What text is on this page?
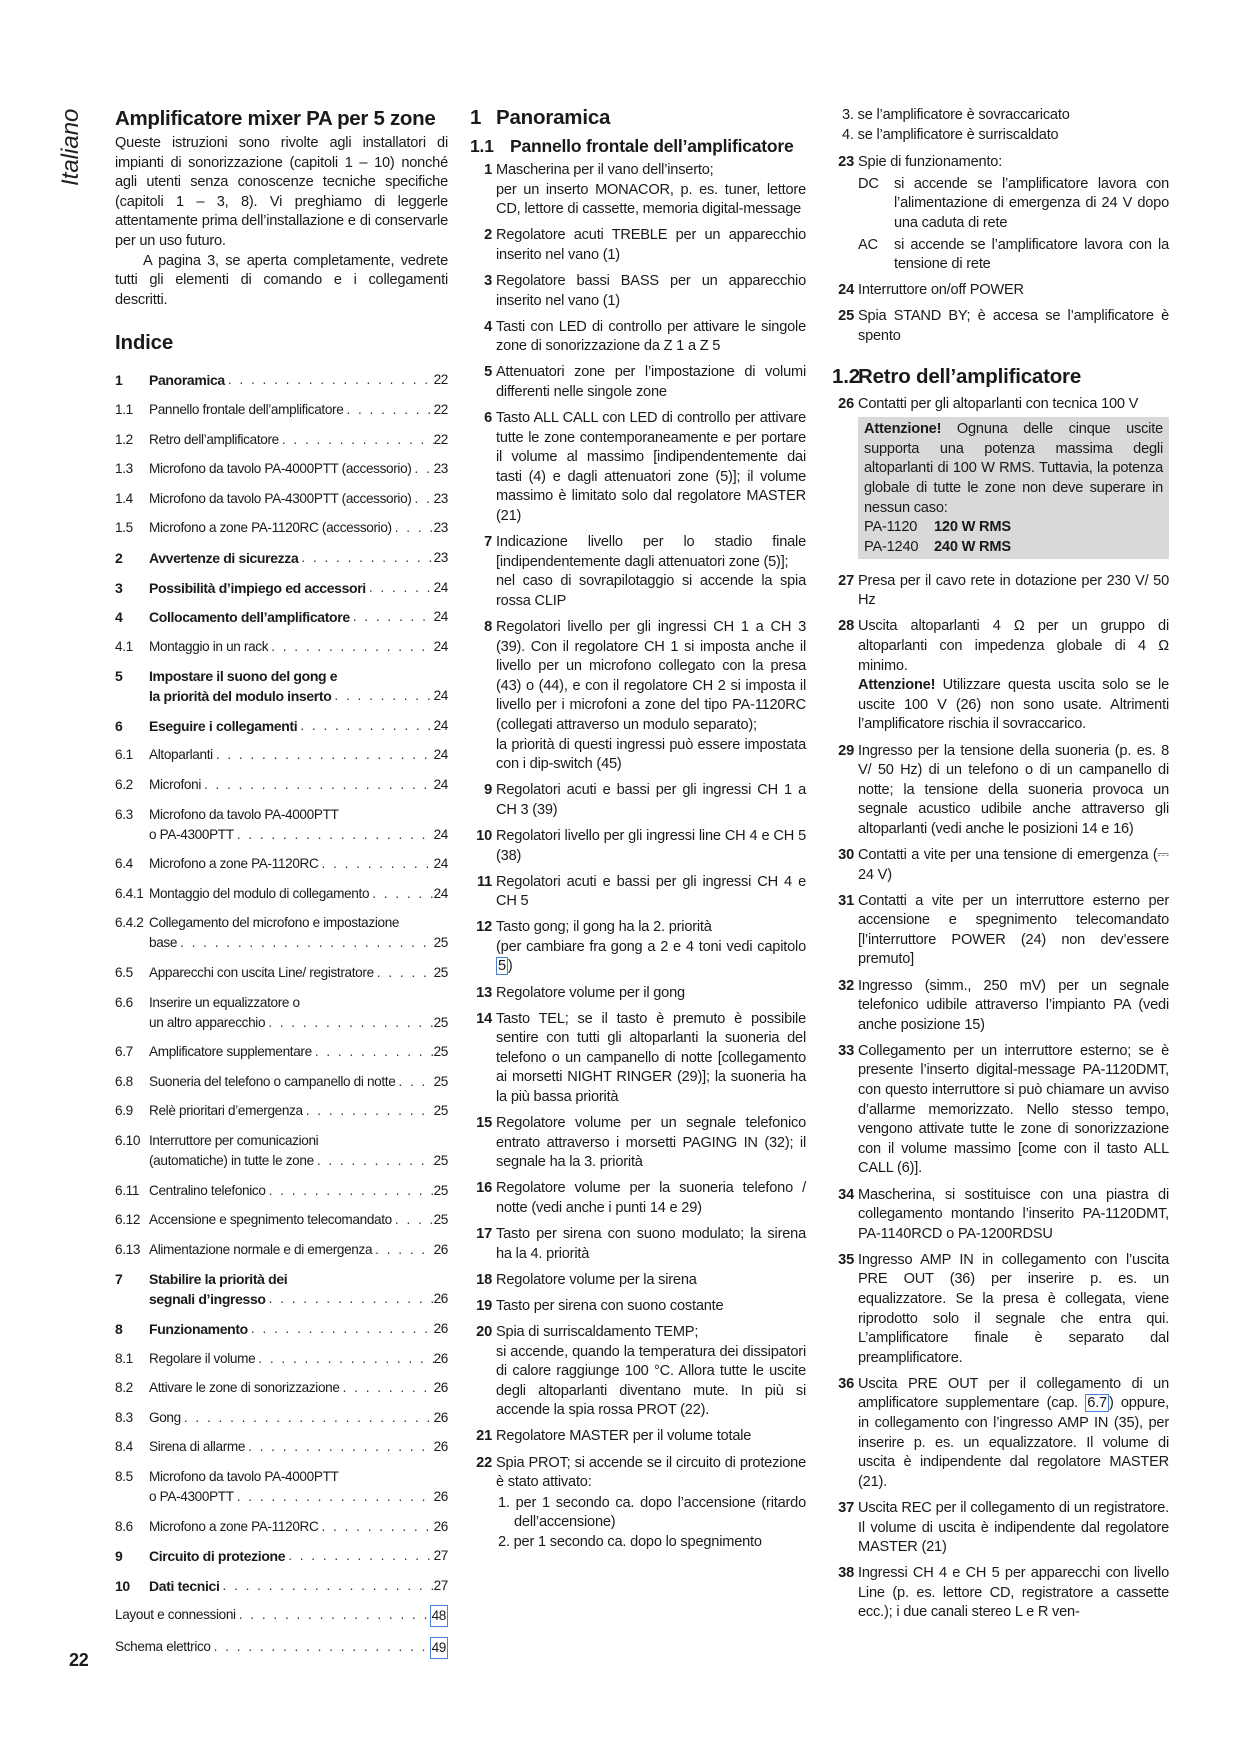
Italiano
22
Amplificatore mixer PA per 5 zone

Queste istruzioni sono rivolte agli installatori di impianti di sonorizzazione (capitoli 1 – 10) nonché agli utenti senza conoscenze tecniche specifiche (capitoli 1 – 3, 8). Vi preghiamo di leggerle attentamente prima dell’installazione e di conservarle per un uso futuro.

A pagina 3, se aperta completamente, vedrete tutti gli elementi di comando e i collegamenti descritti.

Indice
1	Panoramica . . .	22
1.1	Pannello frontale dell’amplificatore . . .	22
1.2	Retro dell’amplificatore . . .	22
1.3	Microfono da tavolo PA-4000PTT (accessorio) . . . 23
1.4	Microfono da tavolo PA-4300PTT (accessorio) . . . 23
1.5	Microfono a zone PA-1120RC (accessorio) . . .	23
2	Avvertenze di sicurezza . . .	23
3	Possibilità d’impiego ed accessori . . .	24
4	Collocamento dell’amplificatore . . .	24
4.1	Montaggio in un rack . . .	24
5	Impostare il suono del gong e
la priorità del modulo inserto . . .	24
6	Eseguire i collegamenti . . .	24
6.1	Altoparlanti . . .	24
6.2	Microfoni . . .	24
6.3	Microfono da tavolo PA-4000PTT
o PA-4300PTT . . .	24
6.4	Microfono a zone PA-1120RC . . .	24
6.4.1 Montaggio del modulo di collegamento . . .	24
6.4.2 Collegamento del microfono e impostazione
base . . .	25
6.5	Apparecchi con uscita Line/ registratore . . .	25
6.6	Inserire un equalizzatore o
un altro apparecchio . . .	25
6.7	Amplificatore supplementare . . .	25
6.8	Suoneria del telefono o campanello di notte . . .	25
6.9	Relè prioritari d’emergenza . . .	25
6.10 Interruttore per comunicazioni
(automatiche) in tutte le zone . . .	25
6.11 Centralino telefonico . . .	25
6.12 Accensione e spegnimento telecomandato . . .	25
6.13 Alimentazione normale e di emergenza . . .	26
7	Stabilire la priorità dei
segnali d’ingresso . . .	26
8	Funzionamento . . .	26
8.1	Regolare il volume . . .	26
8.2	Attivare le zone di sonorizzazione . . .	26
8.3	Gong . . .	26
8.4	Sirena di allarme . . .	26
8.5	Microfono da tavolo PA-4000PTT
o PA-4300PTT . . .	26
8.6	Microfono a zone PA-1120RC . . .	26
9	Circuito di protezione . . .	27
10	Dati tecnici . . .	27
Layout e connessioni . . .	48
Schema elettrico . . .	49
1 Panoramica
1.1 Pannello frontale dell’amplificatore
1 Mascherina per il vano dell’inserto;

per un inserto MONACOR, p. es. tuner, lettore CD, lettore di cassette, memoria digital-message

2 Regolatore acuti TREBLE per un apparecchio inserito nel vano (1)

3 Regolatore bassi BASS per un apparecchio inserito nel vano (1)

4 Tasti con LED di controllo per attivare le singole zone di sonorizzazione da Z 1 a Z 5

5 Attenuatori zone per l’impostazione di volumi differenti nelle singole zone

6 Tasto ALL CALL con LED di controllo per attivare tutte le zone contemporaneamente e per portare il volume al massimo [indipendentemente dai tasti (4) e dagli attenuatori zone (5)]; il volume massimo è limitato solo dal regolatore MASTER (21)

7 Indicazione livello per lo stadio finale [indipendentemente dagli attenuatori zone (5)];

nel caso di sovrapilotaggio si accende la spia rossa CLIP

8 Regolatori livello per gli ingressi CH 1 a CH 3 (39). Con il regolatore CH 1 si imposta anche il livello per un microfono collegato con la presa (43) o (44), e con il regolatore CH 2 si imposta il livello per i microfoni a zone del tipo PA-1120RC (collegati attraverso un modulo separato);

la priorità di questi ingressi può essere impostata con i dip-switch (45)

9 Regolatori acuti e bassi per gli ingressi CH 1 a CH 3 (39)

10 Regolatori livello per gli ingressi line CH 4 e CH 5 (38)

11 Regolatori acuti e bassi per gli ingressi CH 4 e CH 5

12 Tasto gong; il gong ha la 2. priorità

(per cambiare fra gong a 2 e 4 toni vedi capitolo 5 )

13 Regolatore volume per il gong

14 Tasto TEL; se il tasto è premuto è possibile sentire con tutti gli altoparlanti la suoneria del telefono o un campanello di notte [collegamento ai morsetti NIGHT RINGER (29)]; la suoneria ha la più bassa priorità

15 Regolatore volume per un segnale telefonico entrato attraverso i morsetti PAGING IN (32); il segnale ha la 3. priorità

16 Regolatore volume per la suoneria telefono / notte (vedi anche i punti 14 e 29)

17 Tasto per sirena con suono modulato; la sirena ha la 4. priorità

18 Regolatore volume per la sirena

19 Tasto per sirena con suono costante

20 Spia di surriscaldamento TEMP;

si accende, quando la temperatura dei dissipatori di calore raggiunge 100 °C. Allora tutte le uscite degli altoparlanti diventano mute. In più si accende la spia rossa PROT (22).

21 Regolatore MASTER per il volume totale

22 Spia PROT; si accende se il circuito di protezione è stato attivato:

1. per 1 secondo ca. dopo l’accensione (ritardo dell’accensione)
2. per 1 secondo ca. dopo lo spegnimento
3. se l’amplificatore è sovraccaricato
4. se l’amplificatore è surriscaldato
23 Spie di funzionamento:

DC	si accende se l’amplificatore lavora con l’alimentazione di emergenza di 24 V dopo una caduta di rete
AC	si accende se l’amplificatore lavora con la tensione di rete
24 Interruttore on/off POWER

25 Spia STAND BY; è accesa se l’amplificatore è spento

1.2
Retro dell’amplificatore
26 Contatti per gli altoparlanti con tecnica 100 V

Attenzione! Ognuna delle cinque uscite supporta una potenza massima degli altoparlanti di 100 W RMS. Tuttavia, la potenza globale di tutte le zone non deve superare in nessun caso:

PA-1120	120 W RMS
PA-1240	240 W RMS
27 Presa per il cavo rete in dotazione per 230 V/ 50 Hz

28 Uscita altoparlanti 4 Ω per un gruppo di altoparlanti con impedenza globale di 4 Ω minimo.

Attenzione! Utilizzare questa uscita solo se le uscite 100 V (26) non sono usate. Altrimenti l’amplificatore rischia il sovraccarico.

29 Ingresso per la tensione della suoneria (p. es. 8 V/ 50 Hz) di un telefono o di un campanello di notte; la tensione della suoneria provoca un segnale acustico udibile anche attraverso gli altoparlanti (vedi anche le posizioni 14 e 16)

30 Contatti a vite per una tensione di emergenza (⎓ 24 V)

31 Contatti a vite per un interruttore esterno per accensione e spegnimento telecomandato [l’interruttore POWER (24) non dev’essere premuto]

32 Ingresso (simm., 250 mV) per un segnale telefonico udibile attraverso l’impianto PA (vedi anche posizione 15)

33 Collegamento per un interruttore esterno; se è presente l’inserto digital-message PA-1120DMT, con questo interruttore si può chiamare un avviso d’allarme memorizzato. Nello stesso tempo, vengono attivate tutte le zone di sonorizzazione con il volume massimo [come con il tasto ALL CALL (6)].

34 Mascherina, si sostituisce con una piastra di collegamento montando l’inserito PA-1120DMT, PA-1140RCD o PA-1200RDSU

35 Ingresso AMP IN in collegamento con l’uscita PRE OUT (36) per inserire p. es. un equalizzatore. Se la presa è collegata, viene riprodotto solo il segnale che entra qui. L’amplificatore finale è separato dal preamplificatore.

36 Uscita PRE OUT per il collegamento di un amplificatore supplementare (cap. 6.7 ) oppure, in collegamento con l’ingresso AMP IN (35), per inserire p. es. un equalizzatore. Il volume di uscita è indipendente dal regolatore MASTER (21).

37 Uscita REC per il collegamento di un registratore. Il volume di uscita è indipendente dal regolatore MASTER (21)

38 Ingressi CH 4 e CH 5 per apparecchi con livello Line (p. es. lettore CD, registratore a cassette ecc.); i due canali stereo L e R ven-
